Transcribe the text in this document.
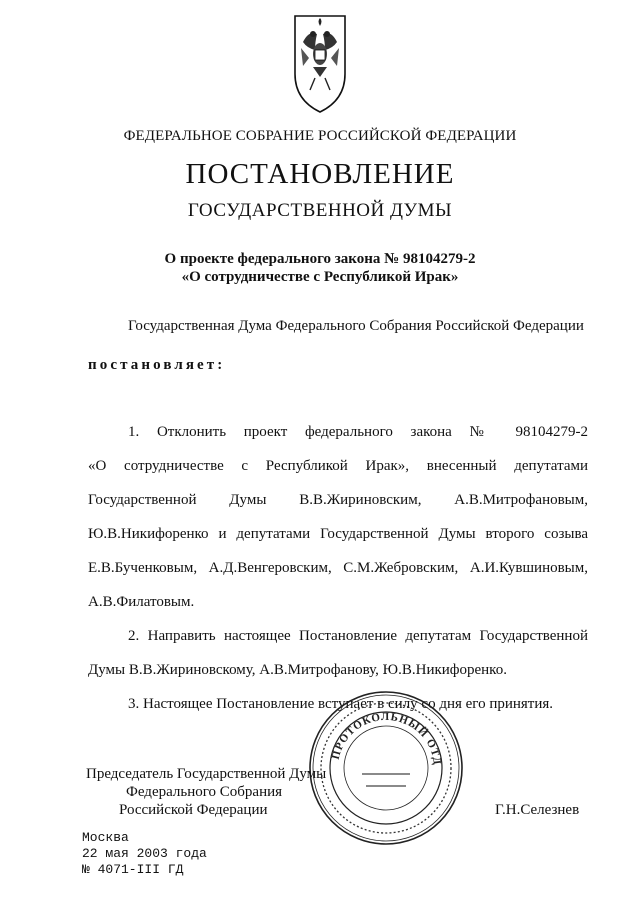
ФЕДЕРАЛЬНОЕ СОБРАНИЕ РОССИЙСКОЙ ФЕДЕРАЦИИ
ПОСТАНОВЛЕНИЕ
ГОСУДАРСТВЕННОЙ ДУМЫ
О проекте федерального закона № 98104279-2
«О сотрудничестве с Республикой Ирак»
Государственная Дума Федерального Собрания Российской Федерации
постановляет:
1. Отклонить проект федерального закона № 98104279-2
«О сотрудничестве с Республикой Ирак», внесенный депутатами
Государственной Думы В.В.Жириновским, А.В.Митрофановым,
Ю.В.Никифоренко и депутатами Государственной Думы второго созыва
Е.В.Бученковым, А.Д.Венгеровским, С.М.Жебровским, А.И.Кувшиновым,
А.В.Филатовым.
2. Направить настоящее Постановление депутатам Государственной
Думы В.В.Жириновскому, А.В.Митрофанову, Ю.В.Никифоренко.
3. Настоящее Постановление вступает в силу со дня его принятия.
ПРОТОКОЛЬНЫЙ ОТД
Председатель Государственной Думы
Федерального Собрания
Российской Федерации	Г.Н.Селезнев
Москва
22 мая 2003 года
№ 4071-III ГД
